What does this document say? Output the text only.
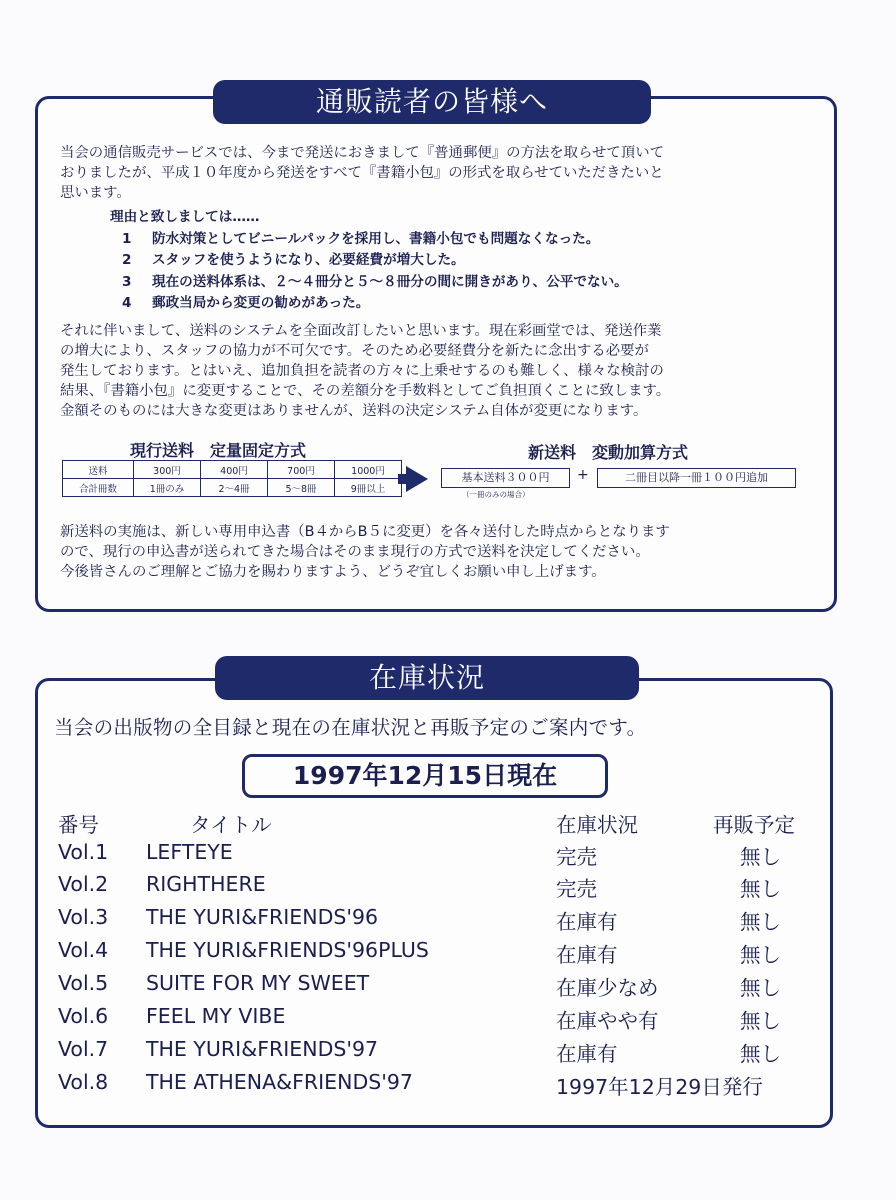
通販読者の皆様へ
当会の通信販売サービスでは、今まで発送におきまして『普通郵便』の方法を取らせて頂いて
おりましたが、平成１０年度から発送をすべて『書籍小包』の形式を取らせていただきたいと
思います。
理由と致しましては……
1 防水対策としてビニールパックを採用し、書籍小包でも問題なくなった。
2 スタッフを使うようになり、必要経費が増大した。
3 現在の送料体系は、２～４冊分と５～８冊分の間に開きがあり、公平でない。
4 郵政当局から変更の勧めがあった。
それに伴いまして、送料のシステムを全面改訂したいと思います。現在彩画堂では、発送作業
の増大により、スタッフの協力が不可欠です。そのため必要経費分を新たに念出する必要が
発生しております。とはいえ、追加負担を読者の方々に上乗せするのも難しく、様々な検討の
結果、『書籍小包』に変更することで、その差額分を手数料としてご負担頂くことに致します。
金額そのものには大きな変更はありませんが、送料の決定システム自体が変更になります。
現行送料　定量固定方式
送料	300円	400円	700円	1000円
合計冊数	1冊のみ	2～4冊	5～8冊	9冊以上
新送料　変動加算方式
基本送料３００円	+	二冊目以降一冊１００円追加
（一冊のみの場合）
新送料の実施は、新しい専用申込書（B４からB５に変更）を各々送付した時点からとなります
ので、現行の申込書が送られてきた場合はそのまま現行の方式で送料を決定してください。
今後皆さんのご理解とご協力を賜わりますよう、どうぞ宜しくお願い申し上げます。
在庫状況
当会の出版物の全目録と現在の在庫状況と再販予定のご案内です。
1997年12月15日現在
番号	タイトル	在庫状況	再販予定
Vol.1 LEFTEYE	完売	無し
Vol.2 RIGHTHERE	完売	無し
Vol.3 THE YURI&FRIENDS'96	在庫有	無し
Vol.4 THE YURI&FRIENDS'96PLUS	在庫有	無し
Vol.5 SUITE FOR MY SWEET	在庫少なめ	無し
Vol.6 FEEL MY VIBE	在庫やや有	無し
Vol.7 THE YURI&FRIENDS'97	在庫有	無し
Vol.8 THE ATHENA&FRIENDS'97	1997年12月29日発行
